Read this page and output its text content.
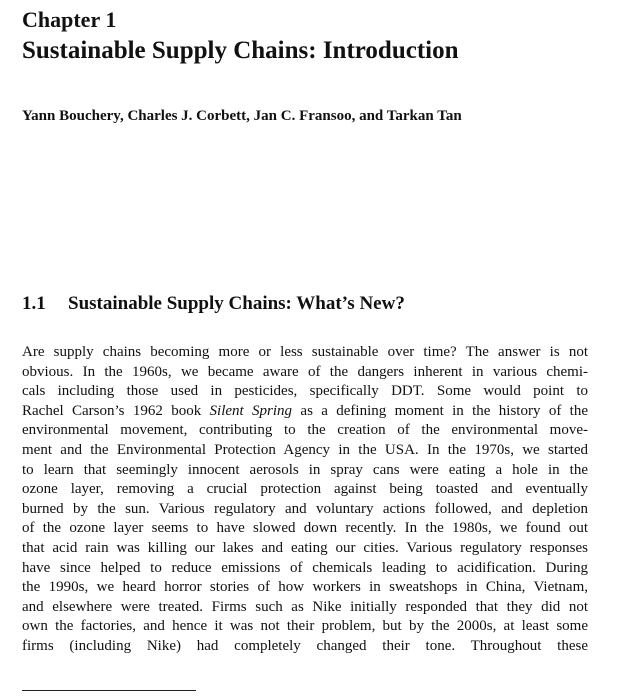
Chapter 1
Sustainable Supply Chains: Introduction
Yann Bouchery, Charles J. Corbett, Jan C. Fransoo, and Tarkan Tan
1.1 Sustainable Supply Chains: What’s New?
Are supply chains becoming more or less sustainable over time? The answer is not
obvious. In the 1960s, we became aware of the dangers inherent in various chemi-
cals including those used in pesticides, specifically DDT. Some would point to
Rachel Carson’s 1962 book Silent Spring as a defining moment in the history of the
environmental movement, contributing to the creation of the environmental move-
ment and the Environmental Protection Agency in the USA. In the 1970s, we started
to learn that seemingly innocent aerosols in spray cans were eating a hole in the
ozone layer, removing a crucial protection against being toasted and eventually
burned by the sun. Various regulatory and voluntary actions followed, and depletion
of the ozone layer seems to have slowed down recently. In the 1980s, we found out
that acid rain was killing our lakes and eating our cities. Various regulatory responses
have since helped to reduce emissions of chemicals leading to acidification. During
the 1990s, we heard horror stories of how workers in sweatshops in China, Vietnam,
and elsewhere were treated. Firms such as Nike initially responded that they did not
own the factories, and hence it was not their problem, but by the 2000s, at least some
firms (including Nike) had completely changed their tone. Throughout these
